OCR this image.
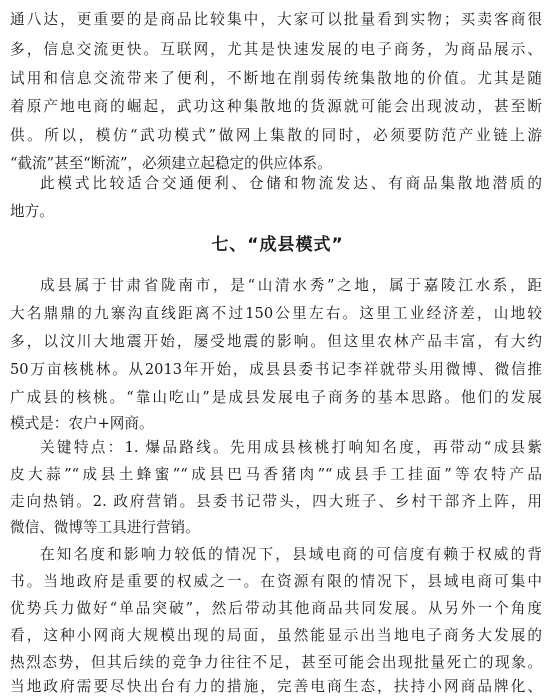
通八达，更重要的是商品比较集中，大家可以批量看到实物；买卖客商很
多，信息交流更快。互联网，尤其是快速发展的电子商务，为商品展示、
试用和信息交流带来了便利，不断地在削弱传统集散地的价值。尤其是随
着原产地电商的崛起，武功这种集散地的货源就可能会出现波动，甚至断
供。所以，模仿“武功模式”做网上集散的同时，必须要防范产业链上游
“截流”甚至“断流”，必须建立起稳定的供应体系。
此模式比较适合交通便利、仓储和物流发达、有商品集散地潜质的
地方。
七、“成县模式”
成县属于甘肃省陇南市，是“山清水秀”之地，属于嘉陵江水系，距
大名鼎鼎的九寨沟直线距离不过150公里左右。这里工业经济差，山地较
多，以汶川大地震开始，屡受地震的影响。但这里农林产品丰富，有大约
50万亩核桃林。从2013年开始，成县县委书记李祥就带头用微博、微信推
广成县的核桃。“靠山吃山”是成县发展电子商务的基本思路。他们的发展
模式是：农户+网商。
关键特点：1. 爆品路线。先用成县核桃打响知名度，再带动“成县紫
皮大蒜”“成县土蜂蜜”“成县巴马香猪肉”“成县手工挂面”等农特产品
走向热销。2. 政府营销。县委书记带头，四大班子、乡村干部齐上阵，用
微信、微博等工具进行营销。
在知名度和影响力较低的情况下，县域电商的可信度有赖于权威的背
书。当地政府是重要的权威之一。在资源有限的情况下，县域电商可集中
优势兵力做好“单品突破”，然后带动其他商品共同发展。从另外一个角度
看，这种小网商大规模出现的局面，虽然能显示出当地电子商务大发展的
热烈态势，但其后续的竞争力往往不足，甚至可能会出现批量死亡的现象。
当地政府需要尽快出台有力的措施，完善电商生态，扶持小网商品牌化、
